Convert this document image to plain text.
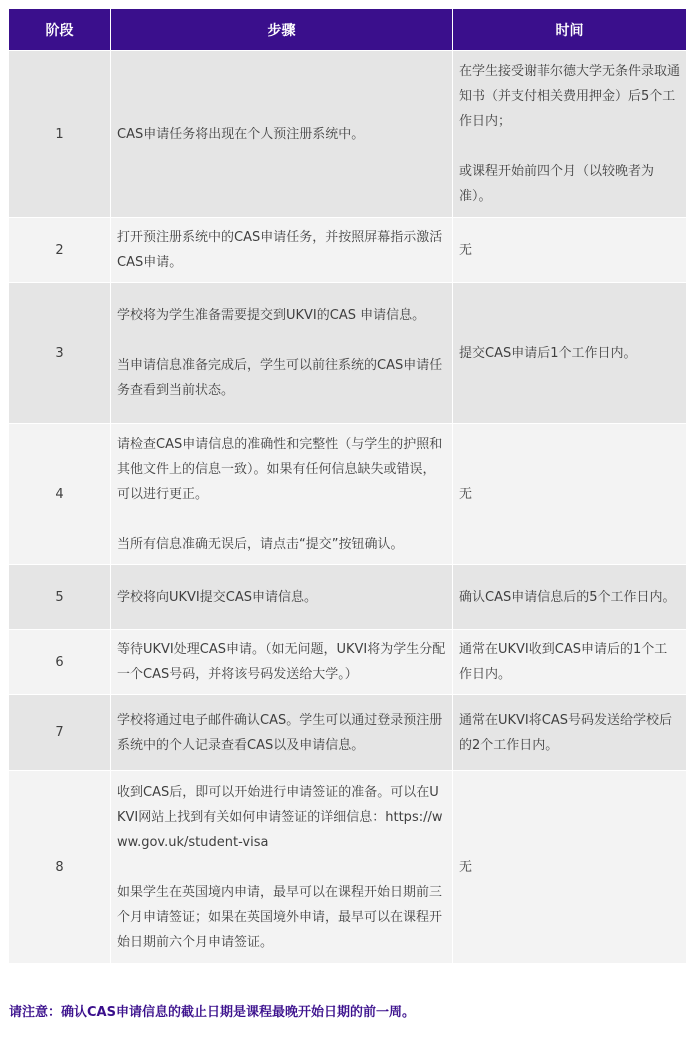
阶段	步骤	时间
1	CAS申请任务将出现在个人预注册系统中。	在学生接受谢菲尔德大学无条件录取通知书（并支付相关费用押金）后5个工作日内；

或课程开始前四个月（以较晚者为准）。

2	打开预注册系统中的CAS申请任务，并按照屏幕指示激活CAS申请。	无

3	学校将为学生准备需要提交到UKVI的CAS 申请信息。

当申请信息准备完成后，学生可以前往系统的CAS申请任务查看到当前状态。	提交CAS申请后1个工作日内。

4	请检查CAS申请信息的准确性和完整性（与学生的护照和其他文件上的信息一致）。如果有任何信息缺失或错误，可以进行更正。

当所有信息准确无误后，请点击“提交”按钮确认。	无

5	学校将向UKVI提交CAS申请信息。	确认CAS申请信息后的5个工作日内。

6	等待UKVI处理CAS申请。（如无问题，UKVI将为学生分配一个CAS号码，并将该号码发送给大学。）	通常在UKVI收到CAS申请后的1个工作日内。

7	学校将通过电子邮件确认CAS。学生可以通过登录预注册系统中的个人记录查看CAS以及申请信息。	通常在UKVI将CAS号码发送给学校后的2个工作日内。

8	收到CAS后，即可以开始进行申请签证的准备。可以在UKVI网站上找到有关如何申请签证的详细信息：https://www.gov.uk/student-visa

如果学生在英国境内申请，最早可以在课程开始日期前三个月申请签证；如果在英国境外申请，最早可以在课程开始日期前六个月申请签证。	无

请注意：确认CAS申请信息的截止日期是课程最晚开始日期的前一周。
